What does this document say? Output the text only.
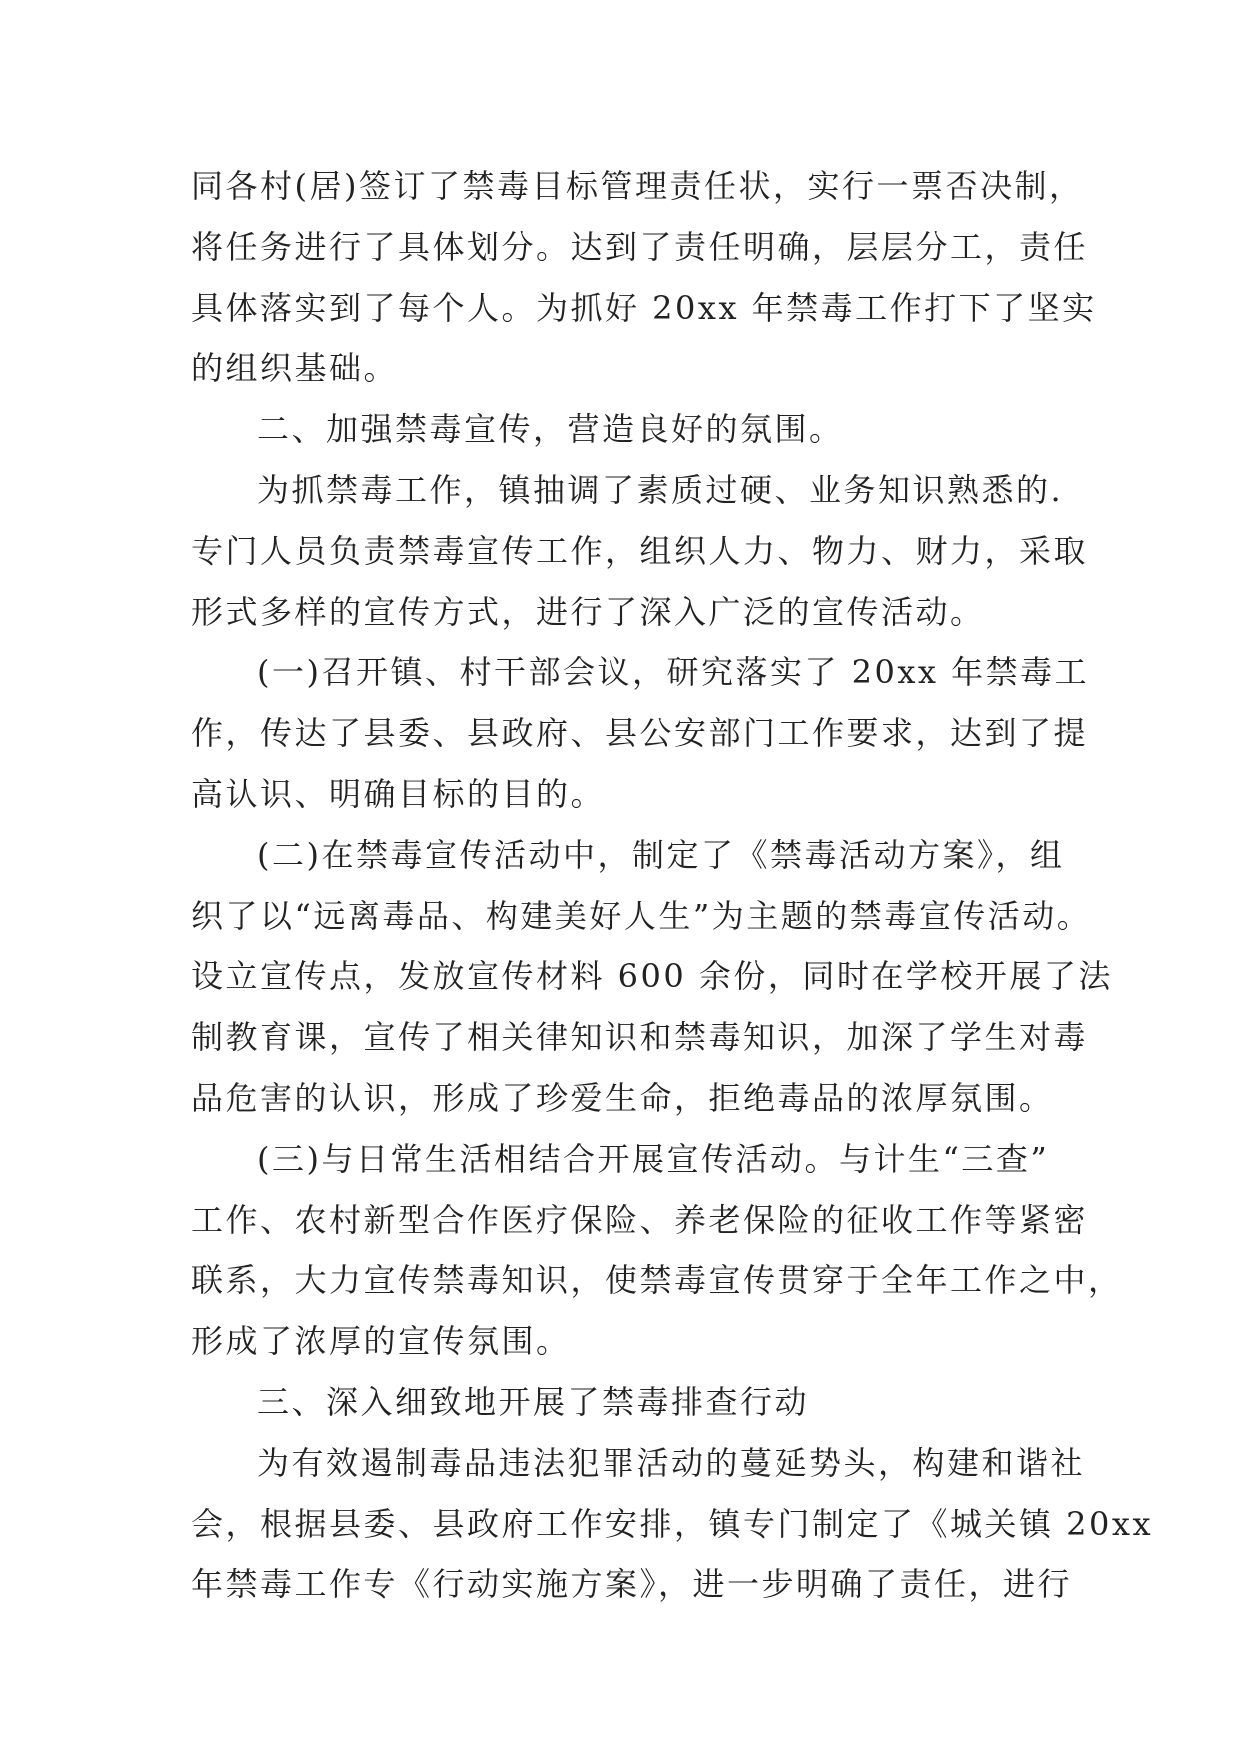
同各村(居)签订了禁毒目标管理责任状，实行一票否决制，

将任务进行了具体划分。达到了责任明确，层层分工，责任

具体落实到了每个人。为抓好 20xx 年禁毒工作打下了坚实

的组织基础。

二、加强禁毒宣传，营造良好的氛围。

为抓禁毒工作，镇抽调了素质过硬、业务知识熟悉的.

专门人员负责禁毒宣传工作，组织人力、物力、财力，采取

形式多样的宣传方式，进行了深入广泛的宣传活动。

(一)召开镇、村干部会议，研究落实了 20xx 年禁毒工

作，传达了县委、县政府、县公安部门工作要求，达到了提

高认识、明确目标的目的。

(二)在禁毒宣传活动中，制定了《禁毒活动方案》，组

织了以“远离毒品、构建美好人生”为主题的禁毒宣传活动。

设立宣传点，发放宣传材料 600 余份，同时在学校开展了法

制教育课，宣传了相关律知识和禁毒知识，加深了学生对毒

品危害的认识，形成了珍爱生命，拒绝毒品的浓厚氛围。

(三)与日常生活相结合开展宣传活动。与计生“三查”

工作、农村新型合作医疗保险、养老保险的征收工作等紧密

联系，大力宣传禁毒知识，使禁毒宣传贯穿于全年工作之中，

形成了浓厚的宣传氛围。

三、深入细致地开展了禁毒排查行动

为有效遏制毒品违法犯罪活动的蔓延势头，构建和谐社

会，根据县委、县政府工作安排，镇专门制定了《城关镇 20xx

年禁毒工作专《行动实施方案》，进一步明确了责任，进行
